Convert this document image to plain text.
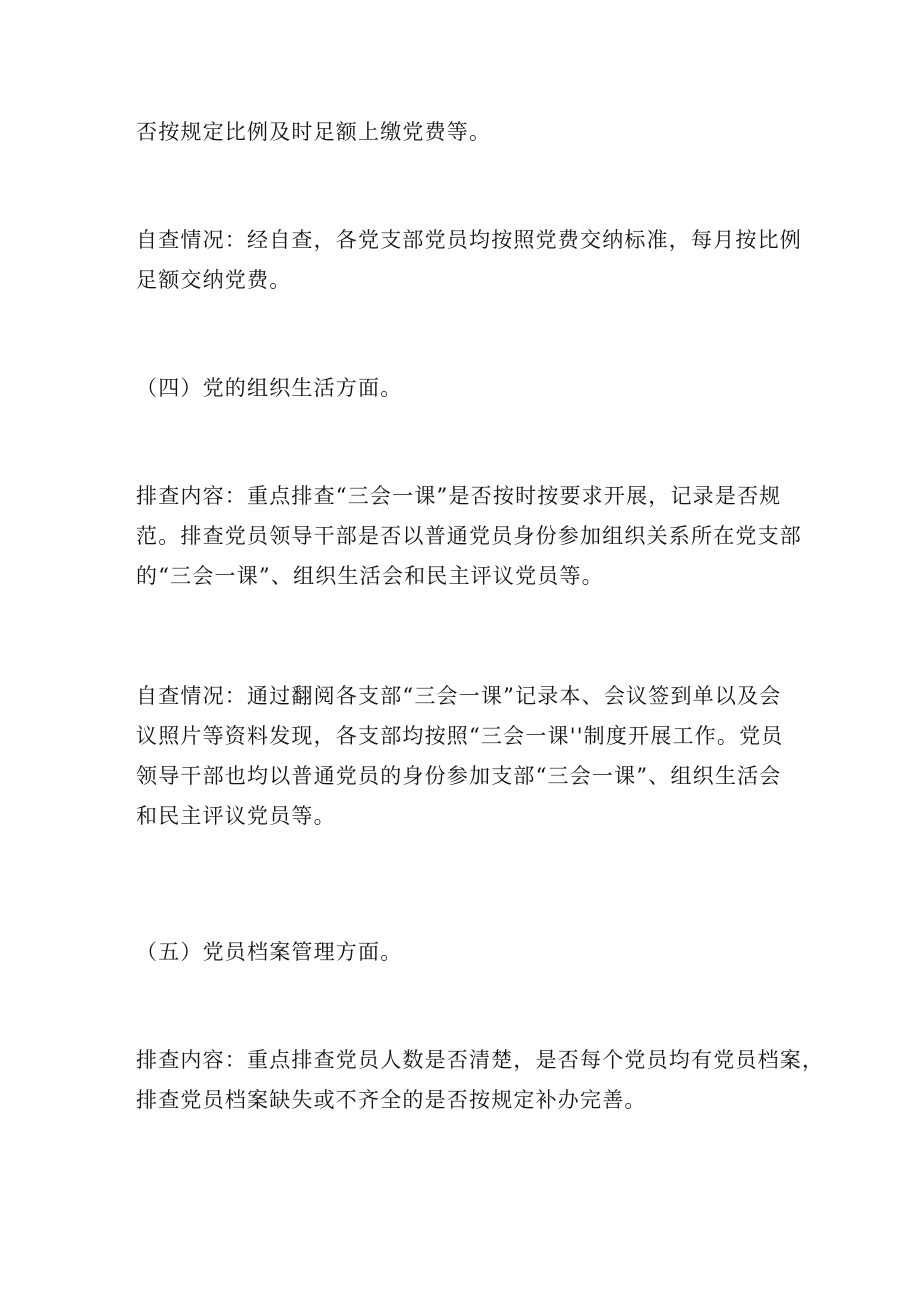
否按规定比例及时足额上缴党费等。

自查情况：经自查，各党支部党员均按照党费交纳标准，每月按比例
足额交纳党费。

（四）党的组织生活方面。

排查内容：重点排查“三会一课”是否按时按要求开展，记录是否规
范。排查党员领导干部是否以普通党员身份参加组织关系所在党支部
的“三会一课”、组织生活会和民主评议党员等。

自查情况：通过翻阅各支部“三会一课”记录本、会议签到单以及会
议照片等资料发现，各支部均按照“三会一课''制度开展工作。党员
领导干部也均以普通党员的身份参加支部“三会一课”、组织生活会
和民主评议党员等。

（五）党员档案管理方面。

排查内容：重点排查党员人数是否清楚，是否每个党员均有党员档案，
排查党员档案缺失或不齐全的是否按规定补办完善。
